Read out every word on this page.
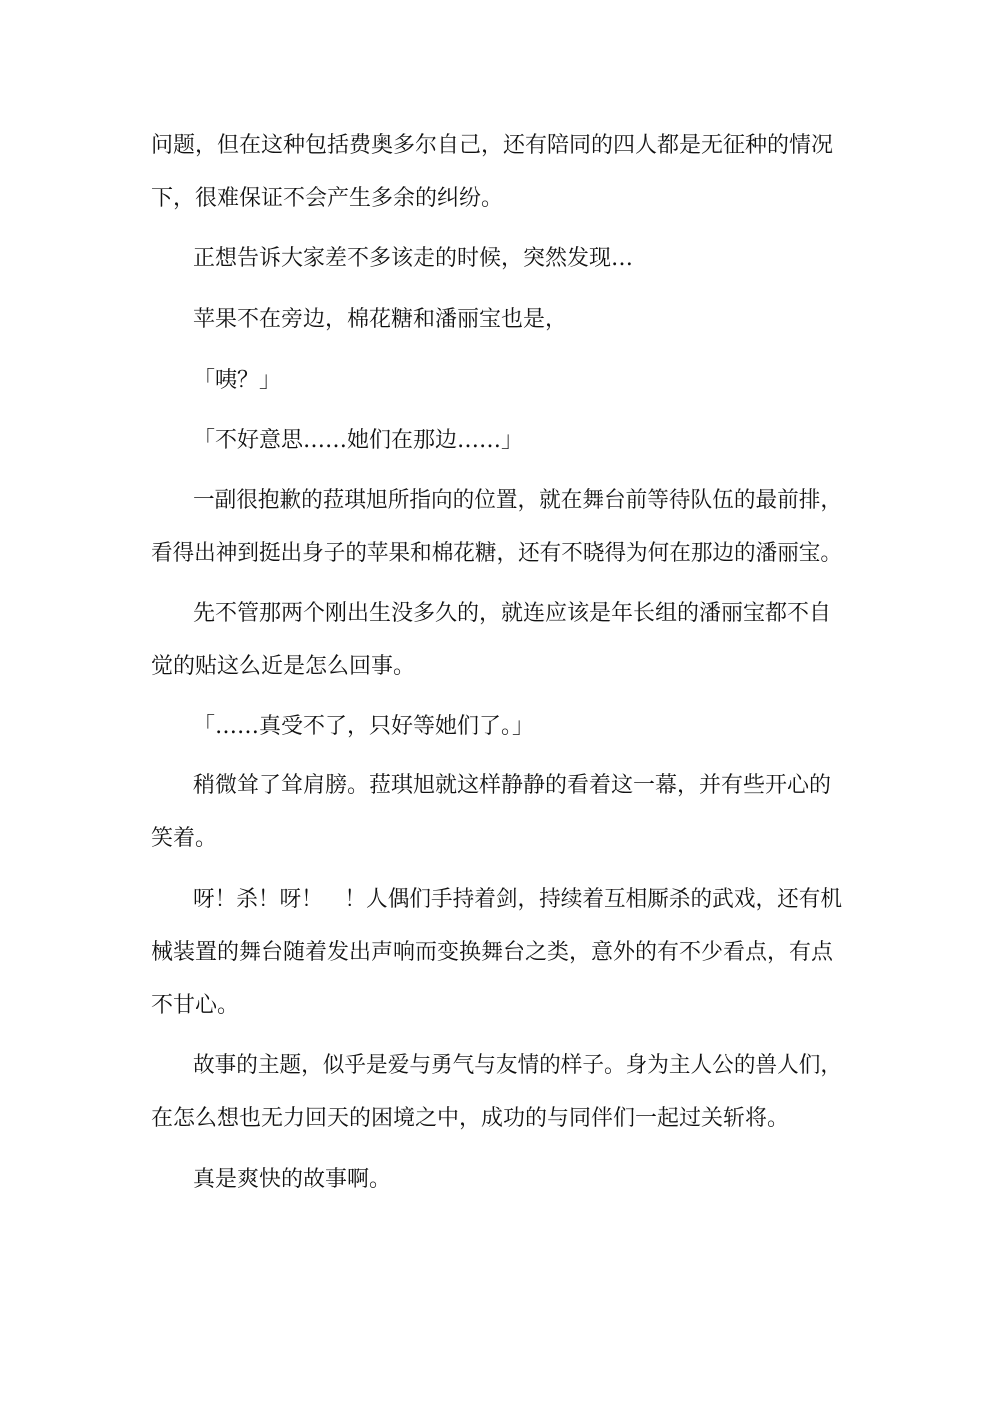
问题，但在这种包括费奥多尔自己，还有陪同的四人都是无征种的情况
下，很难保证不会产生多余的纠纷。
正想告诉大家差不多该走的时候，突然发现…
苹果不在旁边，棉花糖和潘丽宝也是，
「咦？」
「不好意思……她们在那边……」
一副很抱歉的菈琪旭所指向的位置，就在舞台前等待队伍的最前排，
看得出神到挺出身子的苹果和棉花糖，还有不晓得为何在那边的潘丽宝。
先不管那两个刚出生没多久的，就连应该是年长组的潘丽宝都不自
觉的贴这么近是怎么回事。
「……真受不了，只好等她们了。」
稍微耸了耸肩膀。菈琪旭就这样静静的看着这一幕，并有些开心的
笑着。
呀！杀！呀！　！人偶们手持着剑，持续着互相厮杀的武戏，还有机
械装置的舞台随着发出声响而变换舞台之类，意外的有不少看点，有点
不甘心。
故事的主题，似乎是爱与勇气与友情的样子。身为主人公的兽人们，
在怎么想也无力回天的困境之中，成功的与同伴们一起过关斩将。
真是爽快的故事啊。
